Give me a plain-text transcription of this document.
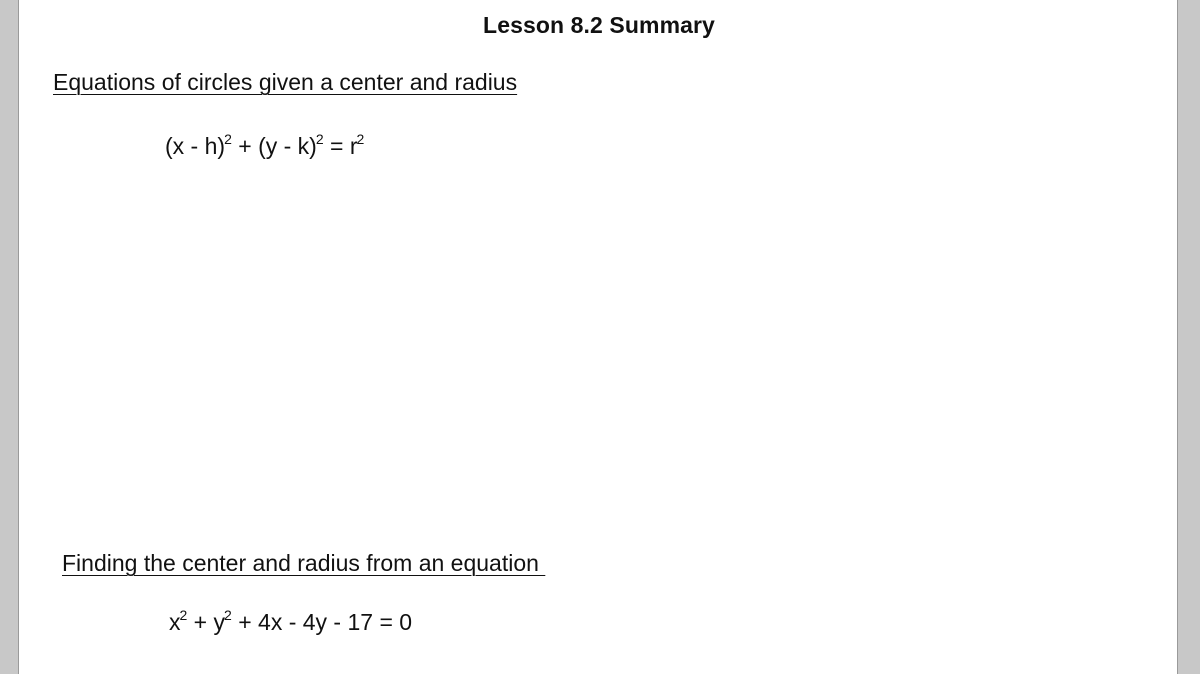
Lesson 8.2 Summary
Equations of circles given a center and radius
$(x - h)^2 + (y - k)^2 = r^2$
Finding the center and radius from an equation
$x^2 + y^2 + 4x - 4y - 17 = 0$
